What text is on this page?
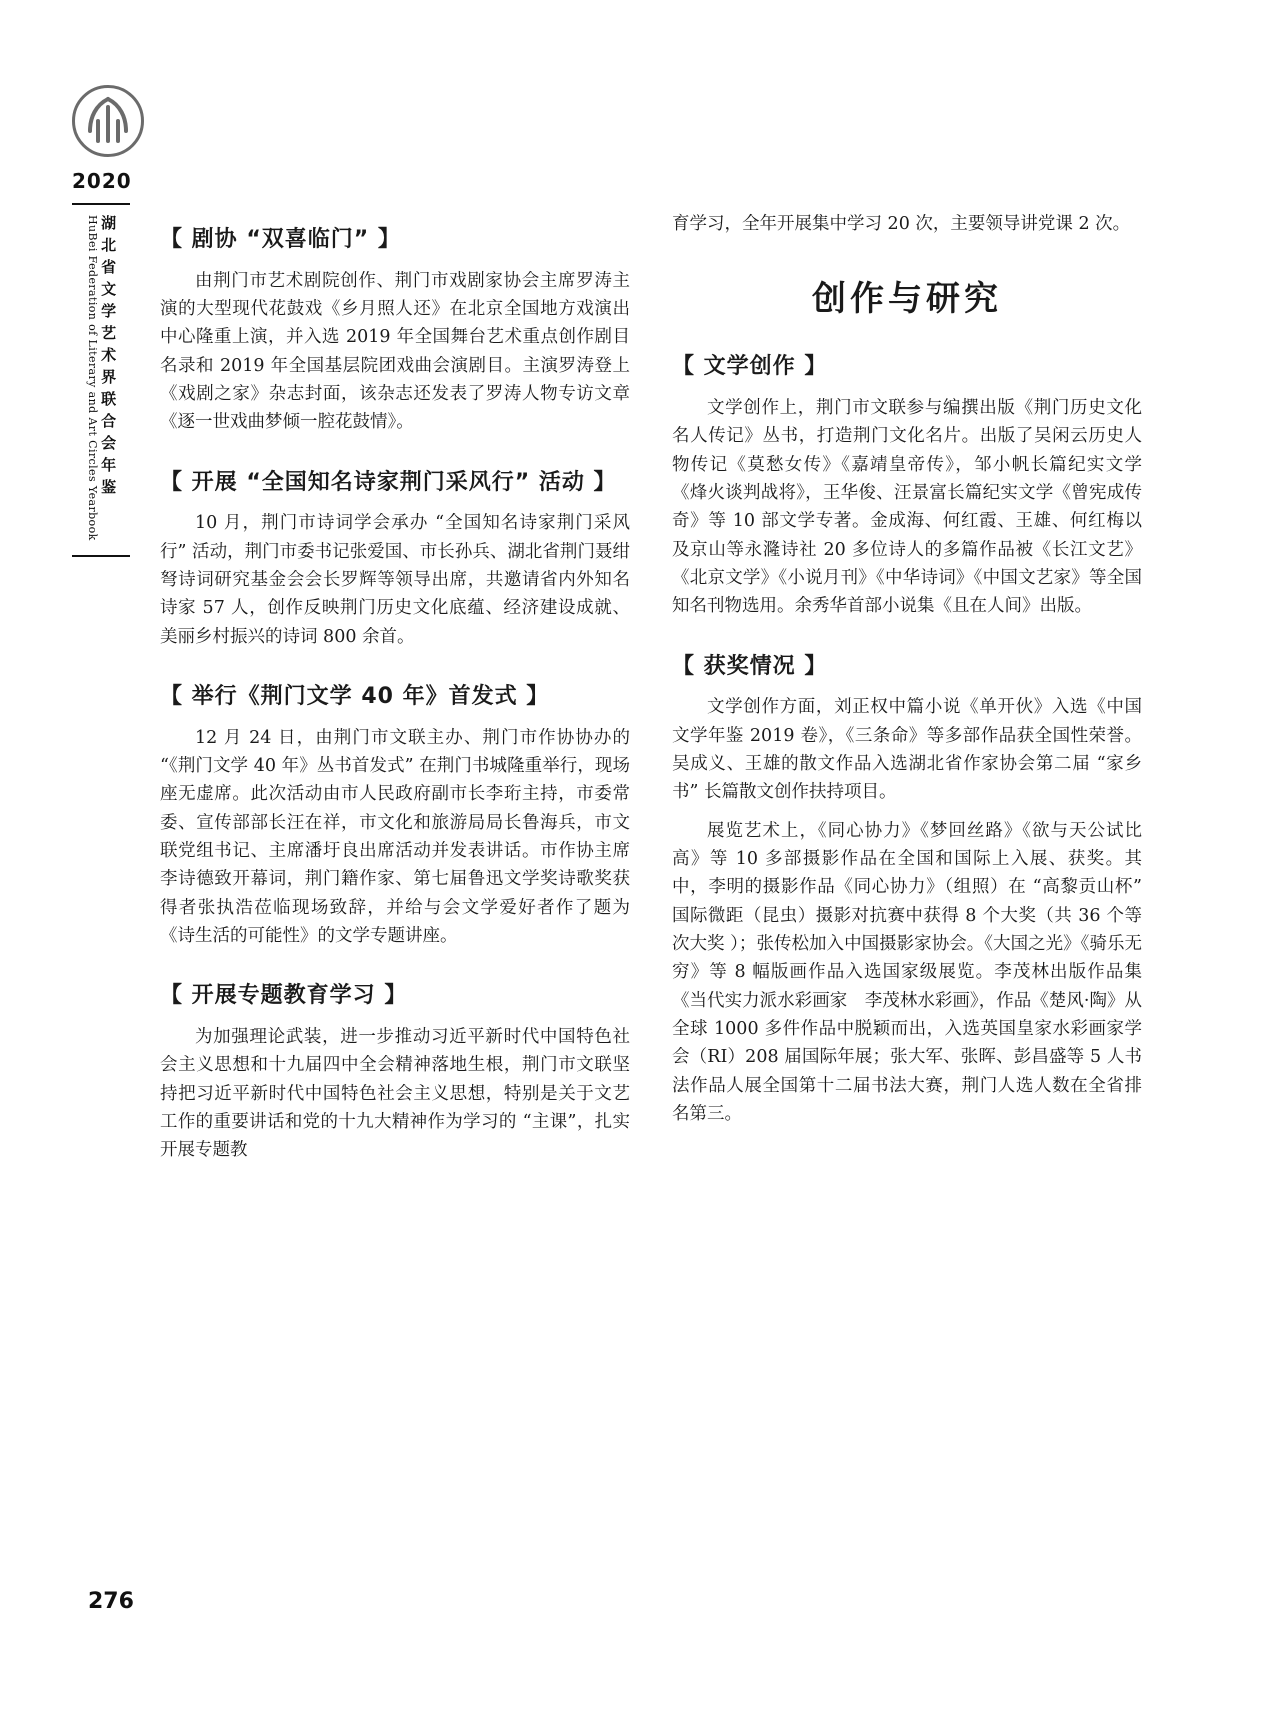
2020
湖北省文学艺术界联合会年鉴
HuBei Federation of Literary and Art Circles Yearbook	【 剧协 “双喜临门” 】

由荆门市艺术剧院创作、荆门市戏剧家协会主席罗涛主演的大型现代花鼓戏《乡月照人还》在北京全国地方戏演出中心隆重上演，并入选 2019 年全国舞台艺术重点创作剧目名录和 2019 年全国基层院团戏曲会演剧目。主演罗涛登上《戏剧之家》杂志封面，该杂志还发表了罗涛人物专访文章《逐一世戏曲梦倾一腔花鼓情》。

【 开展 “全国知名诗家荆门采风行” 活动 】

10 月，荆门市诗词学会承办 “全国知名诗家荆门采风行” 活动，荆门市委书记张爱国、市长孙兵、湖北省荆门聂绀弩诗词研究基金会会长罗辉等领导出席，共邀请省内外知名诗家 57 人，创作反映荆门历史文化底蕴、经济建设成就、美丽乡村振兴的诗词 800 余首。

【 举行《荆门文学 40 年》首发式 】

12 月 24 日，由荆门市文联主办、荆门市作协协办的 “《荆门文学 40 年》丛书首发式” 在荆门书城隆重举行，现场座无虚席。此次活动由市人民政府副市长李珩主持，市委常委、宣传部部长汪在祥，市文化和旅游局局长鲁海兵，市文联党组书记、主席潘圩良出席活动并发表讲话。市作协主席李诗德致开幕词，荆门籍作家、第七届鲁迅文学奖诗歌奖获得者张执浩莅临现场致辞，并给与会文学爱好者作了题为《诗生活的可能性》的文学专题讲座。

【 开展专题教育学习 】

为加强理论武装，进一步推动习近平新时代中国特色社会主义思想和十九届四中全会精神落地生根，荆门市文联坚持把习近平新时代中国特色社会主义思想，特别是关于文艺工作的重要讲话和党的十九大精神作为学习的 “主课”，扎实开展专题教

育学习，全年开展集中学习 20 次，主要领导讲党课 2 次。

创作与研究
【 文学创作 】

文学创作上，荆门市文联参与编撰出版《荆门历史文化名人传记》丛书，打造荆门文化名片。出版了吴闲云历史人物传记《莫愁女传》《嘉靖皇帝传》，邹小帆长篇纪实文学《烽火谈判战将》，王华俊、汪景富长篇纪实文学《曾宪成传奇》等 10 部文学专著。金成海、何红霞、王雄、何红梅以及京山等永漋诗社 20 多位诗人的多篇作品被《长江文艺》《北京文学》《小说月刊》《中华诗词》《中国文艺家》等全国知名刊物选用。余秀华首部小说集《且在人间》出版。

【 获奖情况 】

文学创作方面，刘正权中篇小说《单开伙》入选《中国文学年鉴 2019 卷》，《三条命》等多部作品获全国性荣誉。吴成义、王雄的散文作品入选湖北省作家协会第二届 “家乡书” 长篇散文创作扶持项目。

展览艺术上，《同心协力》《梦回丝路》《欲与天公试比高》等 10 多部摄影作品在全国和国际上入展、获奖。其中，李明的摄影作品《同心协力》（组照）在 “高黎贡山杯” 国际微距（昆虫）摄影对抗赛中获得 8 个大奖（共 36 个等次大奖 ）；张传松加入中国摄影家协会。《大国之光》《骑乐无穷》等 8 幅版画作品入选国家级展览。李茂林出版作品集《当代实力派水彩画家　李茂林水彩画》，作品《楚风·陶》从全球 1000 多件作品中脱颖而出，入选英国皇家水彩画家学会（RI）208 届国际年展；张大军、张晖、彭昌盛等 5 人书法作品人展全国第十二届书法大赛，荆门人选人数在全省排名第三。

276
